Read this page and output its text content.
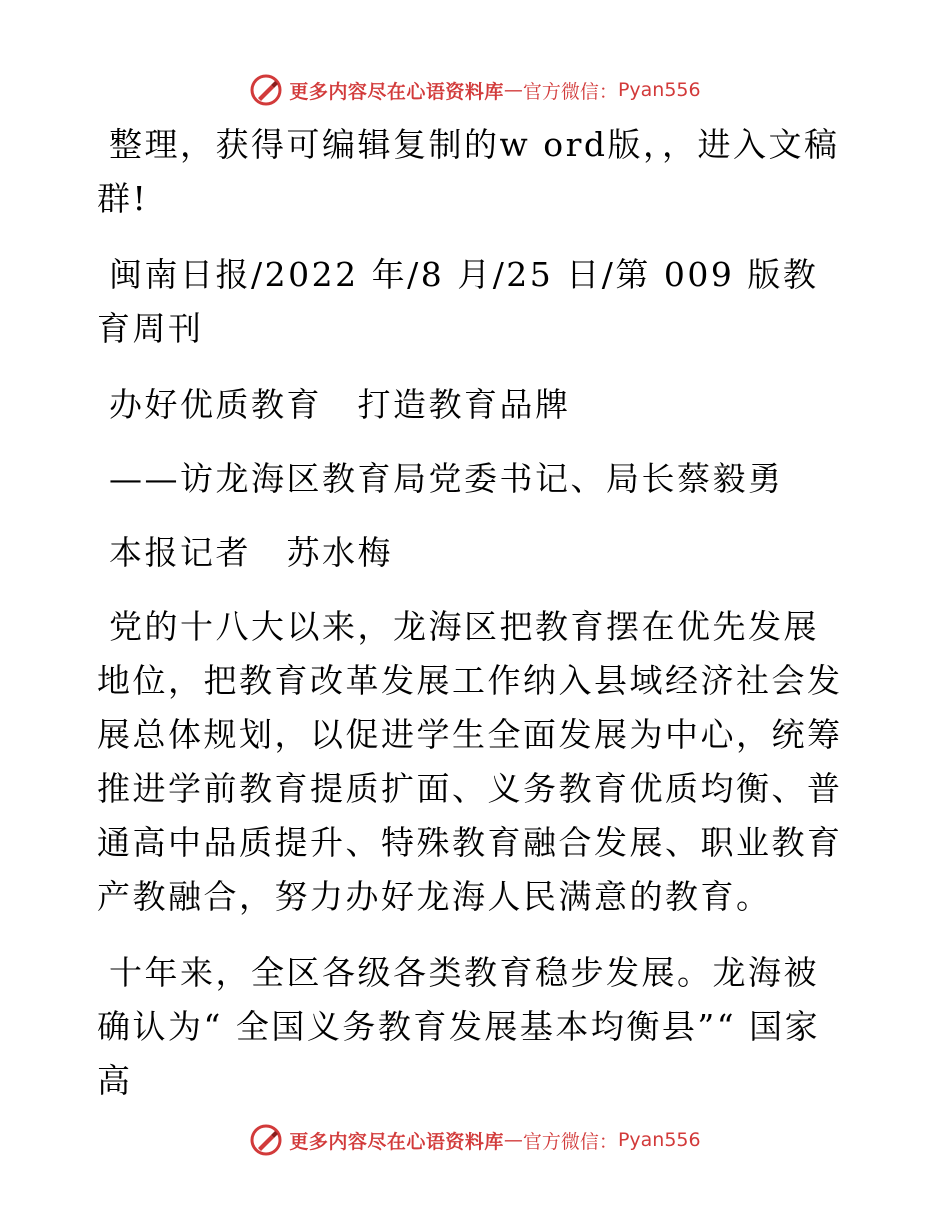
更多内容尽在心语资料库 — 官方微信： Pyan556

整理，获得可编辑复制的w ord版，，进入文稿群!

闽南日报/2022 年/8 月/25 日/第 009 版教育周刊

办好优质教育　打造教育品牌

——访龙海区教育局党委书记、局长蔡毅勇

本报记者　苏水梅

党的十八大以来，龙海区把教育摆在优先发展地位，把教育改革发展工作纳入县域经济社会发展总体规划，以促进学生全面发展为中心，统筹推进学前教育提质扩面、义务教育优质均衡、普通高中品质提升、特殊教育融合发展、职业教育产教融合，努力办好龙海人民满意的教育。

十年来，全区各级各类教育稳步发展。龙海被确认为“ 全国义务教育发展基本均衡县”“ 国家高

更多内容尽在心语资料库 — 官方微信： Pyan556
